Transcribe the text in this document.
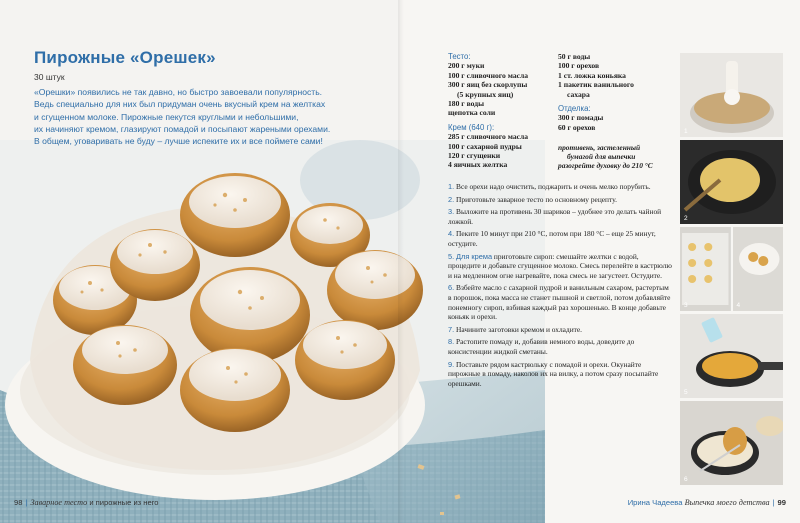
Пирожные «Орешек»
30 штук
«Орешки» появились не так давно, но быстро завоевали популярность.
Ведь специально для них был придуман очень вкусный крем на желтках
и сгущенном молоке. Пирожные пекутся круглыми и небольшими,
их начиняют кремом, глазируют помадой и посыпают жареными орехами.
В общем, уговаривать не буду – лучше испеките их и все поймете сами!
Тесто:
200 г муки
100 г сливочного масла
300 г яиц без скорлупы
(5 крупных яиц)
180 г воды
щепотка соли
Крем (640 г):
285 г сливочного масла
100 г сахарной пудры
120 г сгущенки
4 яичных желтка
50 г воды
100 г орехов
1 ст. ложка коньяка
1 пакетик ванильного
сахара
Отделка:
300 г помады
60 г орехов
противень, застеленный
бумагой для выпечки
разогрейте духовку до 210 °С
1. Все орехи надо очистить, поджарить и очень мелко порубить.
2. Приготовьте заварное тесто по основному рецепту.
3. Выложите на противень 30 шариков – удобнее это делать чайной ложкой.
4. Пеките 10 минут при 210 °С, потом при 180 °С – еще 25 минут, остудите.
5. Для крема приготовьте сироп: смешайте желтки с водой, процедите и добавьте сгущенное молоко. Смесь перелейте в кастрюлю и на медленном огне нагревайте, пока смесь не загустеет. Остудите.
6. Взбейте масло с сахарной пудрой и ванильным сахаром, растертым в порошок, пока масса не станет пышной и светлой, потом добавляйте понемногу сироп, взбивая каждый раз хорошенько. В конце добавьте коньяк и орехи.
7. Начините заготовки кремом и охладите.
8. Растопите помаду и, добавив немного воды, доведите до консистенции жидкой сметаны.
9. Поставьте рядом кастрюльку с помадой и орехи. Окунайте пирожные в помаду, наколов их на вилку, а потом сразу посыпайте орешками.
1
2
3	4
5
6
98 | Заварное тесто и пирожные из него	Ирина Чадеева Выпечка моего детства | 99
